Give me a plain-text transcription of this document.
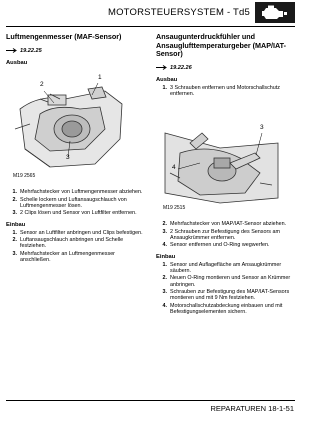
MOTORSTEUERSYSTEM - Td5
Luftmengenmesser (MAF-Sensor)
19.22.25
Ausbau
2
1
3
M19 2565
1. Mehrfachstecker von Luftmengenmesser abziehen.
2. Schelle lockern und Luftansaugschlauch von Luftmengenmesser lösen.
3. 2 Clips lösen und Sensor von Luftfilter entfernen.
Einbau
1. Sensor an Luftfilter anbringen und Clips befestigen.
2. Luftansaugschlauch anbringen und Schelle festziehen.
3. Mehrfachstecker an Luftmengenmesser anschließen.
Ansaugunterdruckfühler und Ansauglufttemperaturgeber (MAP/IAT-Sensor)
19.22.26
Ausbau
1. 3 Schrauben entfernen und Motorschallschutz entfernen.
3
4
M19 2515
2. Mehrfachstecker von MAP/IAT-Sensor abziehen.
3. 2 Schrauben zur Befestigung des Sensors am Ansaugkrümmer entfernen.
4. Sensor entfernen und O-Ring wegwerfen.
Einbau
1. Sensor und Auflagefläche am Ansaugkrümmer säubern.
2. Neuen O-Ring montieren und Sensor an Krümmer anbringen.
3. Schrauben zur Befestigung des MAP/IAT-Sensors montieren und mit 9 Nm festziehen.
4. Motorschallschutzabdeckung einbauen und mit Befestigungselementen sichern.
REPARATUREN 18-1-51
